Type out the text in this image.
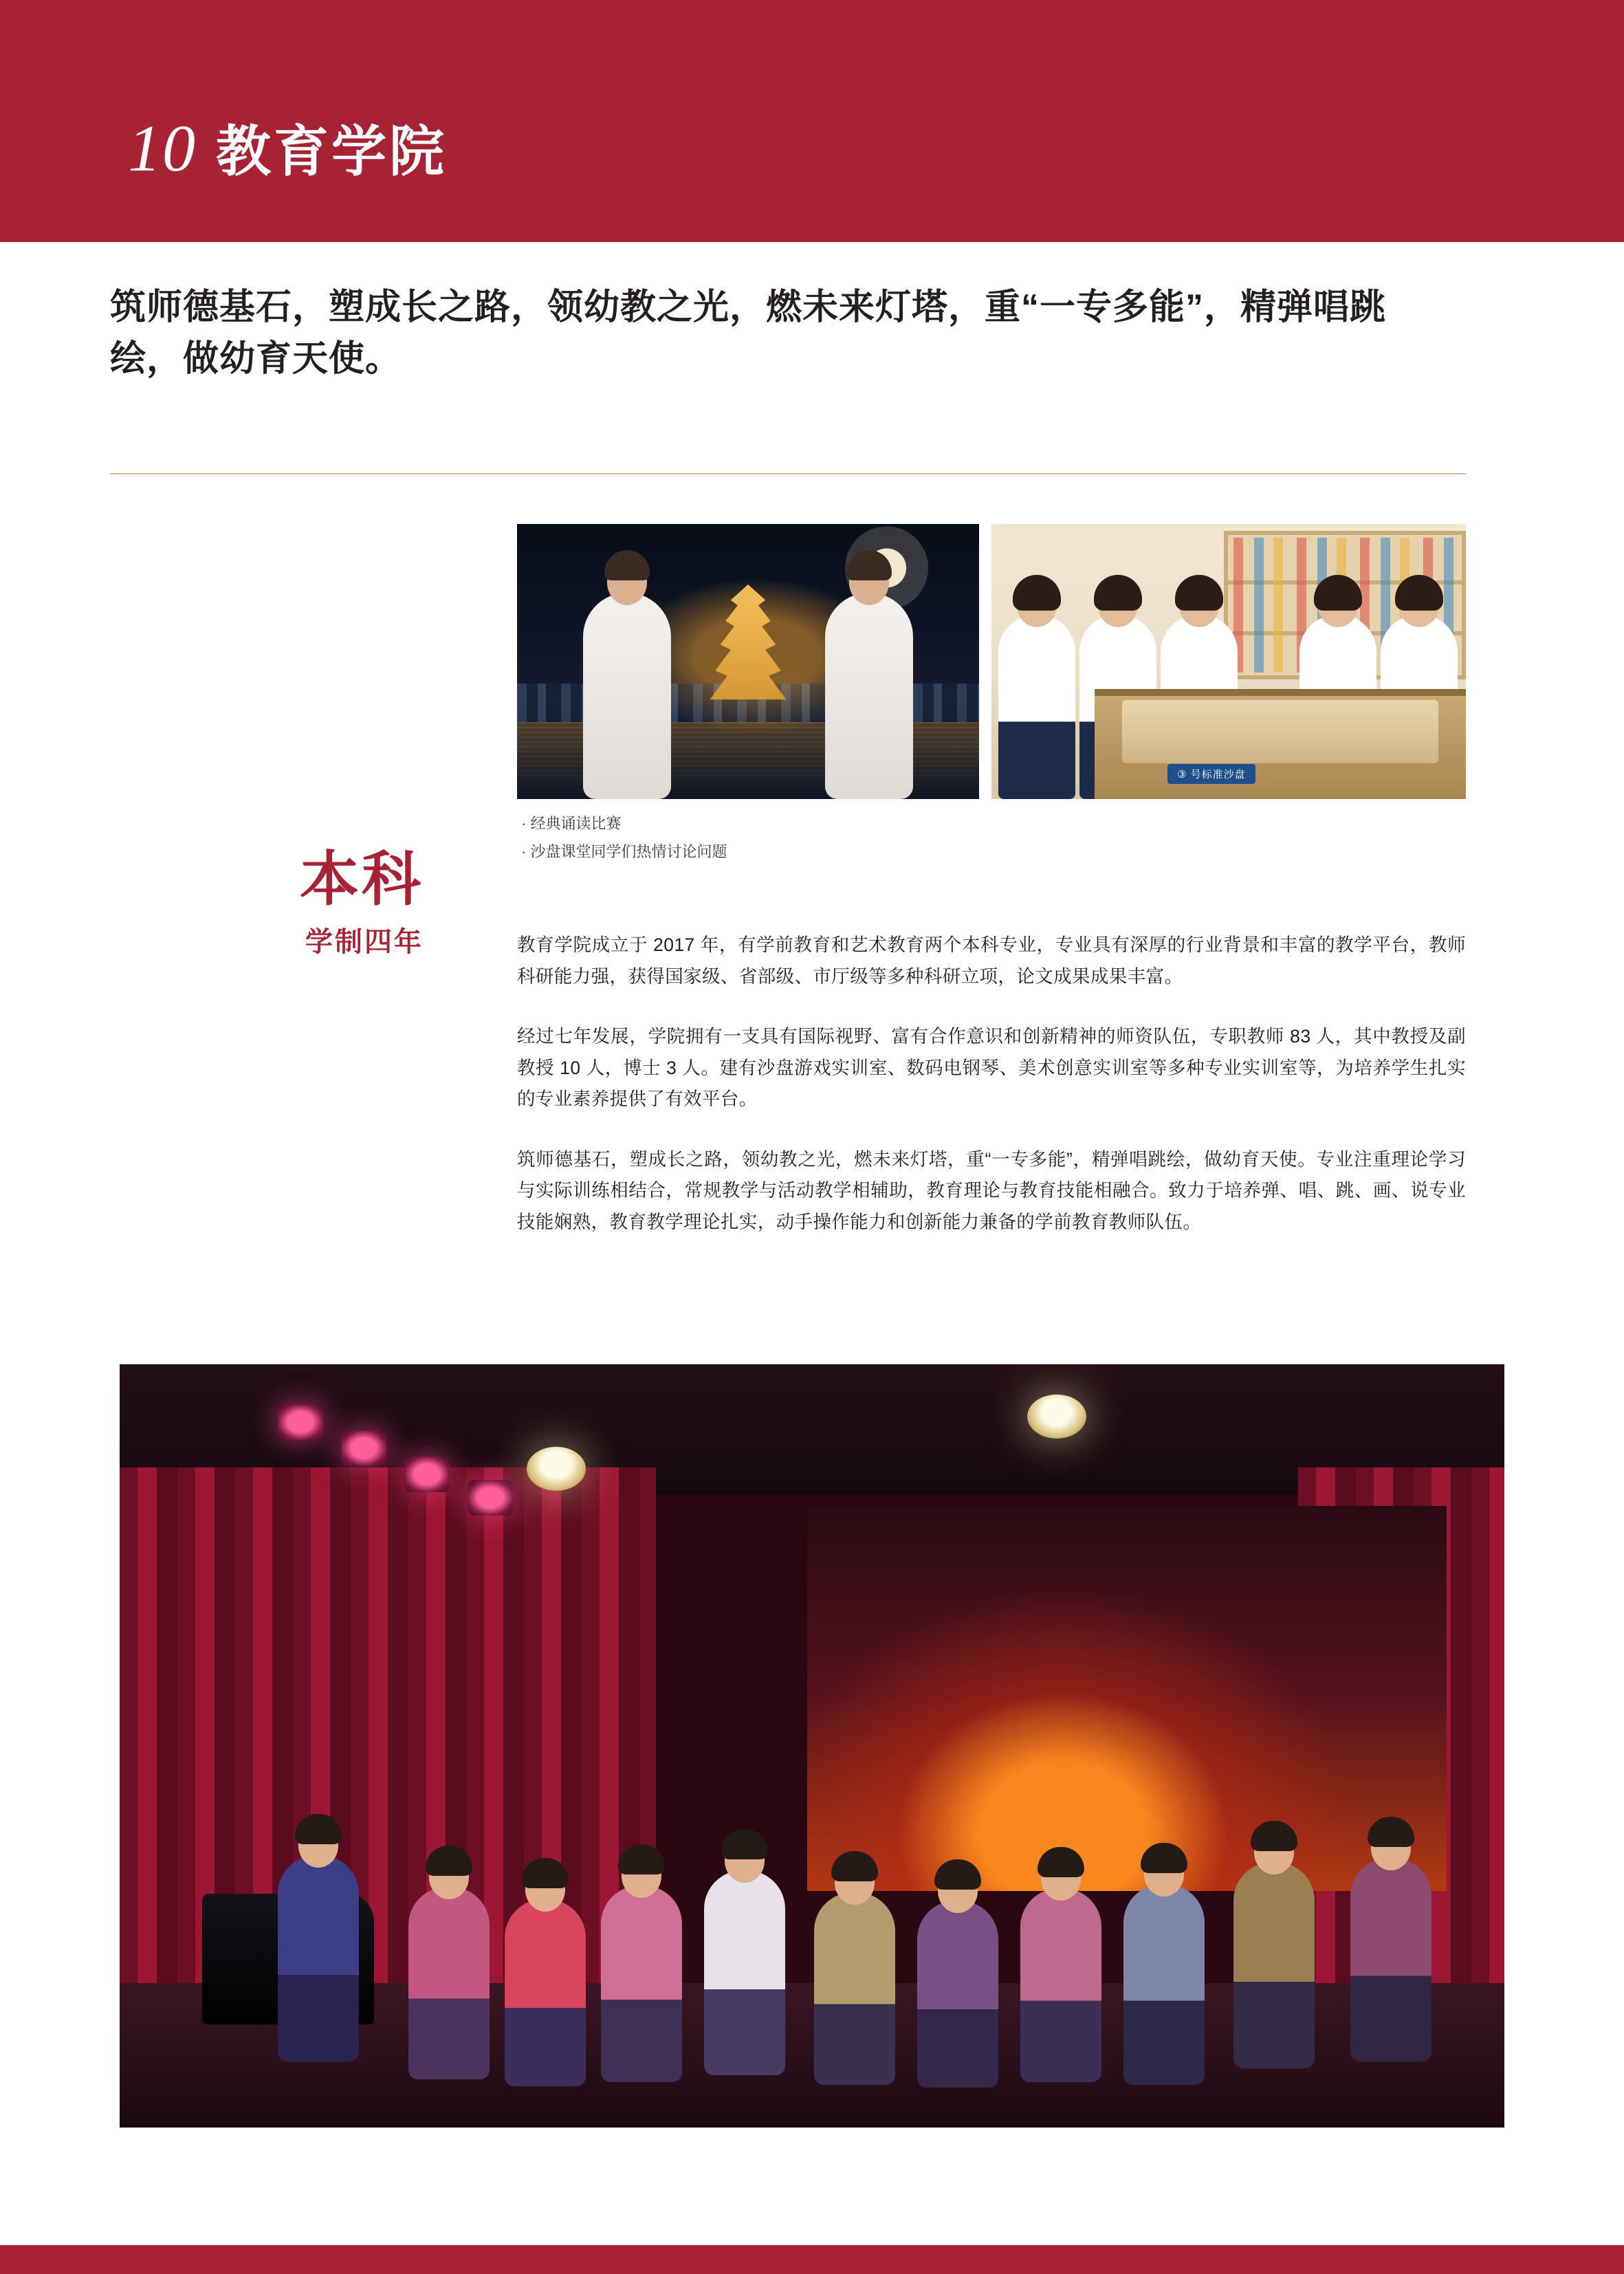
10 教育学院
筑师德基石，塑成长之路，领幼教之光，燃未来灯塔，重“一专多能”，精弹唱跳绘，做幼育天使。
③ 号标准沙盘
· 经典诵读比赛
· 沙盘课堂同学们热情讨论问题
本科
学制四年	教育学院成立于 2017 年，有学前教育和艺术教育两个本科专业，专业具有深厚的行业背景和丰富的教学平台，教师科研能力强，获得国家级、省部级、市厅级等多种科研立项，论文成果成果丰富。

经过七年发展，学院拥有一支具有国际视野、富有合作意识和创新精神的师资队伍，专职教师 83 人，其中教授及副教授 10 人，博士 3 人。建有沙盘游戏实训室、数码电钢琴、美术创意实训室等多种专业实训室等，为培养学生扎实的专业素养提供了有效平台。

筑师德基石，塑成长之路，领幼教之光，燃未来灯塔，重“一专多能”，精弹唱跳绘，做幼育天使。专业注重理论学习与实际训练相结合，常规教学与活动教学相辅助，教育理论与教育技能相融合。致力于培养弹、唱、跳、画、说专业技能娴熟，教育教学理论扎实，动手操作能力和创新能力兼备的学前教育教师队伍。
